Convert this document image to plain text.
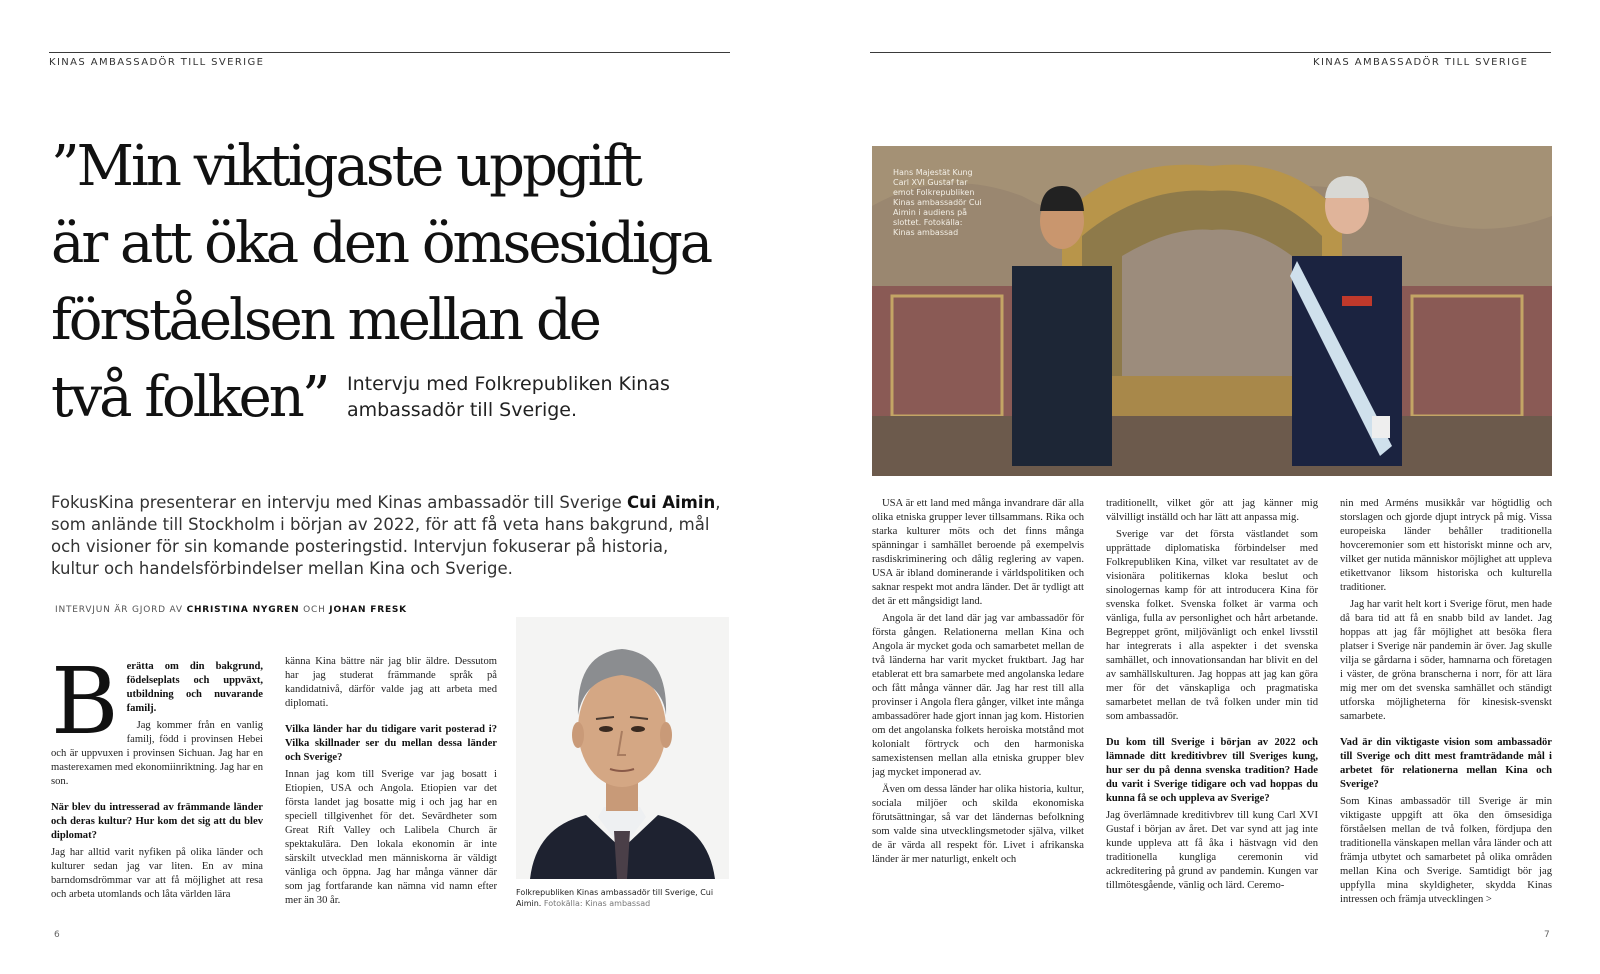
KINAS AMBASSADÖR TILL SVERIGE
”Min viktigaste uppgift
är att öka den ömsesidiga
förståelsen mellan de
två folken”	Intervju med Folkrepubliken Kinas ambassadör till Sverige.

FokusKina presenterar en intervju med Kinas ambassadör till Sverige Cui Aimin, som anlände till Stockholm i början av 2022, för att få veta hans bakgrund, mål och visioner för sin komande posteringstid. Intervjun fokuserar på historia, kultur och handelsförbindelser mellan Kina och Sverige.

INTERVJUN ÄR GJORD AV CHRISTINA NYGREN OCH JOHAN FRESK
B erätta om din bakgrund, födelseplats och uppväxt, utbildning och nuvarande familj.

Jag kommer från en vanlig familj, född i provinsen Hebei och är uppvuxen i provinsen Sichuan. Jag har en masterexamen med ekonomiinriktning. Jag har en son.

När blev du intresserad av främmande länder och deras kultur? Hur kom det sig att du blev diplomat?

Jag har alltid varit nyfiken på olika länder och kulturer sedan jag var liten. En av mina barndomsdrömmar var att få möjlighet att resa och arbeta utomlands och låta världen lära

känna Kina bättre när jag blir äldre. Dessutom har jag studerat främmande språk på kandidatnivå, därför valde jag att arbeta med diplomati.

Vilka länder har du tidigare varit posterad i? Vilka skillnader ser du mellan dessa länder och Sverige?

Innan jag kom till Sverige var jag bosatt i Etiopien, USA och Angola. Etiopien var det första landet jag bosatte mig i och jag har en speciell tillgivenhet för det. Sevärdheter som Great Rift Valley och Lalibela Church är spektakulära. Den lokala ekonomin är inte särskilt utvecklad men människorna är väldigt vänliga och öppna. Jag har många vänner där som jag fortfarande kan nämna vid namn efter mer än 30 år.

Folkrepubliken Kinas ambassadör till Sverige, Cui Aimin. Fotokälla: Kinas ambassad
6
KINAS AMBASSADÖR TILL SVERIGE
Hans Majestät Kung Carl XVI Gustaf tar emot Folkrepubliken Kinas ambassadör Cui Aimin i audiens på slottet. Fotokälla: Kinas ambassad

USA är ett land med många invandrare där alla olika etniska grupper lever tillsammans. Rika och starka kulturer möts och det finns många spänningar i samhället beroende på exempelvis rasdiskriminering och dålig reglering av vapen. USA är ibland dominerande i världspolitiken och saknar respekt mot andra länder. Det är tydligt att det är ett mångsidigt land.

Angola är det land där jag var ambassadör för första gången. Relationerna mellan Kina och Angola är mycket goda och samarbetet mellan de två länderna har varit mycket fruktbart. Jag har etablerat ett bra samarbete med angolanska ledare och fått många vänner där. Jag har rest till alla provinser i Angola flera gånger, vilket inte många ambassadörer hade gjort innan jag kom. Historien om det angolanska folkets heroiska motstånd mot kolonialt förtryck och den harmoniska samexistensen mellan alla etniska grupper blev jag mycket imponerad av.

Även om dessa länder har olika historia, kultur, sociala miljöer och skilda ekonomiska förutsättningar, så var det ländernas befolkning som valde sina utvecklingsmetoder själva, vilket de är värda all respekt för. Livet i afrikanska länder är mer naturligt, enkelt och

traditionellt, vilket gör att jag känner mig välvilligt inställd och har lätt att anpassa mig.

Sverige var det första västlandet som upprättade diplomatiska förbindelser med Folkrepubliken Kina, vilket var resultatet av de visionära politikernas kloka beslut och sinologernas kamp för att introducera Kina för svenska folket. Svenska folket är varma och vänliga, fulla av personlighet och hårt arbetande. Begreppet grönt, miljövänligt och enkel livsstil har integrerats i alla aspekter i det svenska samhället, och innovationsandan har blivit en del av samhällskulturen. Jag hoppas att jag kan göra mer för det vänskapliga och pragmatiska samarbetet mellan de två folken under min tid som ambassadör.

Du kom till Sverige i början av 2022 och lämnade ditt kreditivbrev till Sveriges kung, hur ser du på denna svenska tradition? Hade du varit i Sverige tidigare och vad hoppas du kunna få se och uppleva av Sverige?

Jag överlämnade kreditivbrev till kung Carl XVI Gustaf i början av året. Det var synd att jag inte kunde uppleva att få åka i hästvagn vid den traditionella kungliga ceremonin vid ackreditering på grund av pandemin. Kungen var tillmötesgående, vänlig och lärd. Ceremo-

nin med Arméns musikkår var högtidlig och storslagen och gjorde djupt intryck på mig. Vissa europeiska länder behåller traditionella hovceremonier som ett historiskt minne och arv, vilket ger nutida människor möjlighet att uppleva etikettvanor liksom historiska och kulturella traditioner.

Jag har varit helt kort i Sverige förut, men hade då bara tid att få en snabb bild av landet. Jag hoppas att jag får möjlighet att besöka flera platser i Sverige när pandemin är över. Jag skulle vilja se gårdarna i söder, hamnarna och företagen i väster, de gröna branscherna i norr, för att lära mig mer om det svenska samhället och ständigt utforska möjligheterna för kinesisk-svenskt samarbete.

Vad är din viktigaste vision som ambassadör till Sverige och ditt mest framträdande mål i arbetet för relationerna mellan Kina och Sverige?

Som Kinas ambassadör till Sverige är min viktigaste uppgift att öka den ömsesidiga förståelsen mellan de två folken, fördjupa den traditionella vänskapen mellan våra länder och att främja utbytet och samarbetet på olika områden mellan Kina och Sverige. Samtidigt bör jag uppfylla mina skyldigheter, skydda Kinas intressen och främja utvecklingen >

7
